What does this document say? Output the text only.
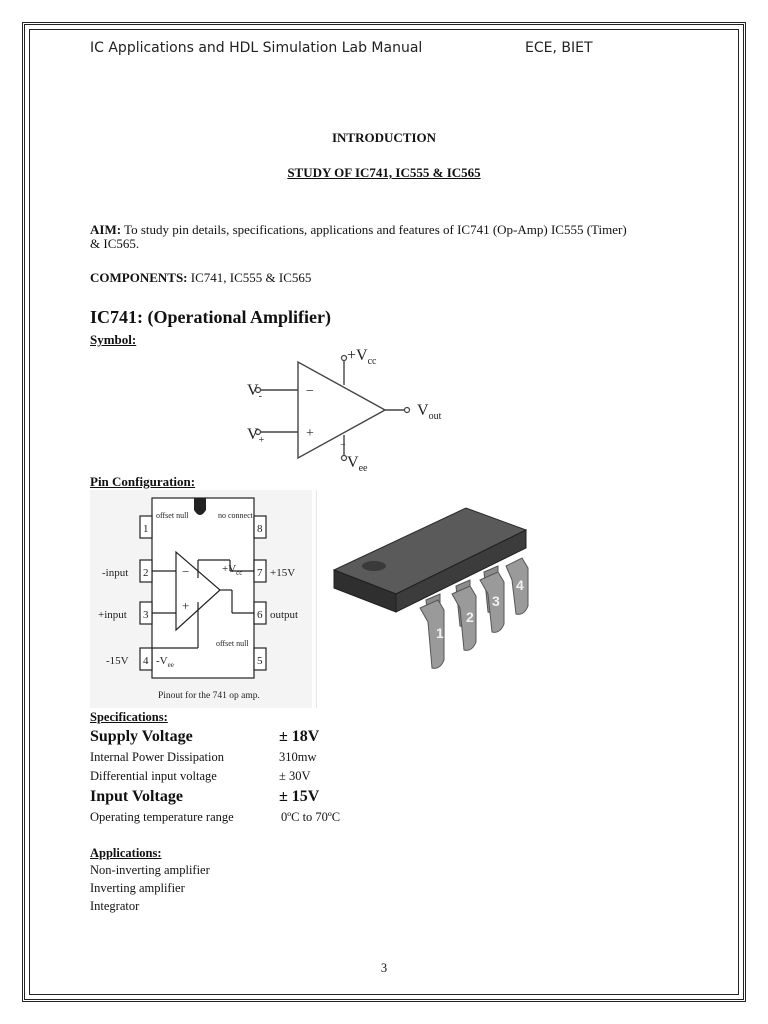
IC Applications and HDL Simulation Lab Manual	ECE, BIET
INTRODUCTION
STUDY OF IC741, IC555 & IC565
AIM: To study pin details, specifications, applications and features of IC741 (Op-Amp) IC555 (Timer)
& IC565.
COMPONENTS: IC741, IC555 & IC565
IC741: (Operational Amplifier)
Symbol:
−
+
$+V_{cc}$
$V_-$
$V_+$
$V_{out}$
−
$V_{ee}$
Pin Configuration:
1
2
3
4	5
6
7
8
offset null	no connect
offset null
$+V_{cc}$
$-V_{ee}$
-input
+input
-15V
output
+15V
−
+
Pinout for the 741 op amp.
1
2
3
4
Specifications:
Supply Voltage	± 18V
Internal Power Dissipation	310mw
Differential input voltage	± 30V
Input Voltage	± 15V
Operating temperature range	0ºC to 70ºC
Applications:
Non-inverting amplifier
Inverting amplifier
Integrator
3
